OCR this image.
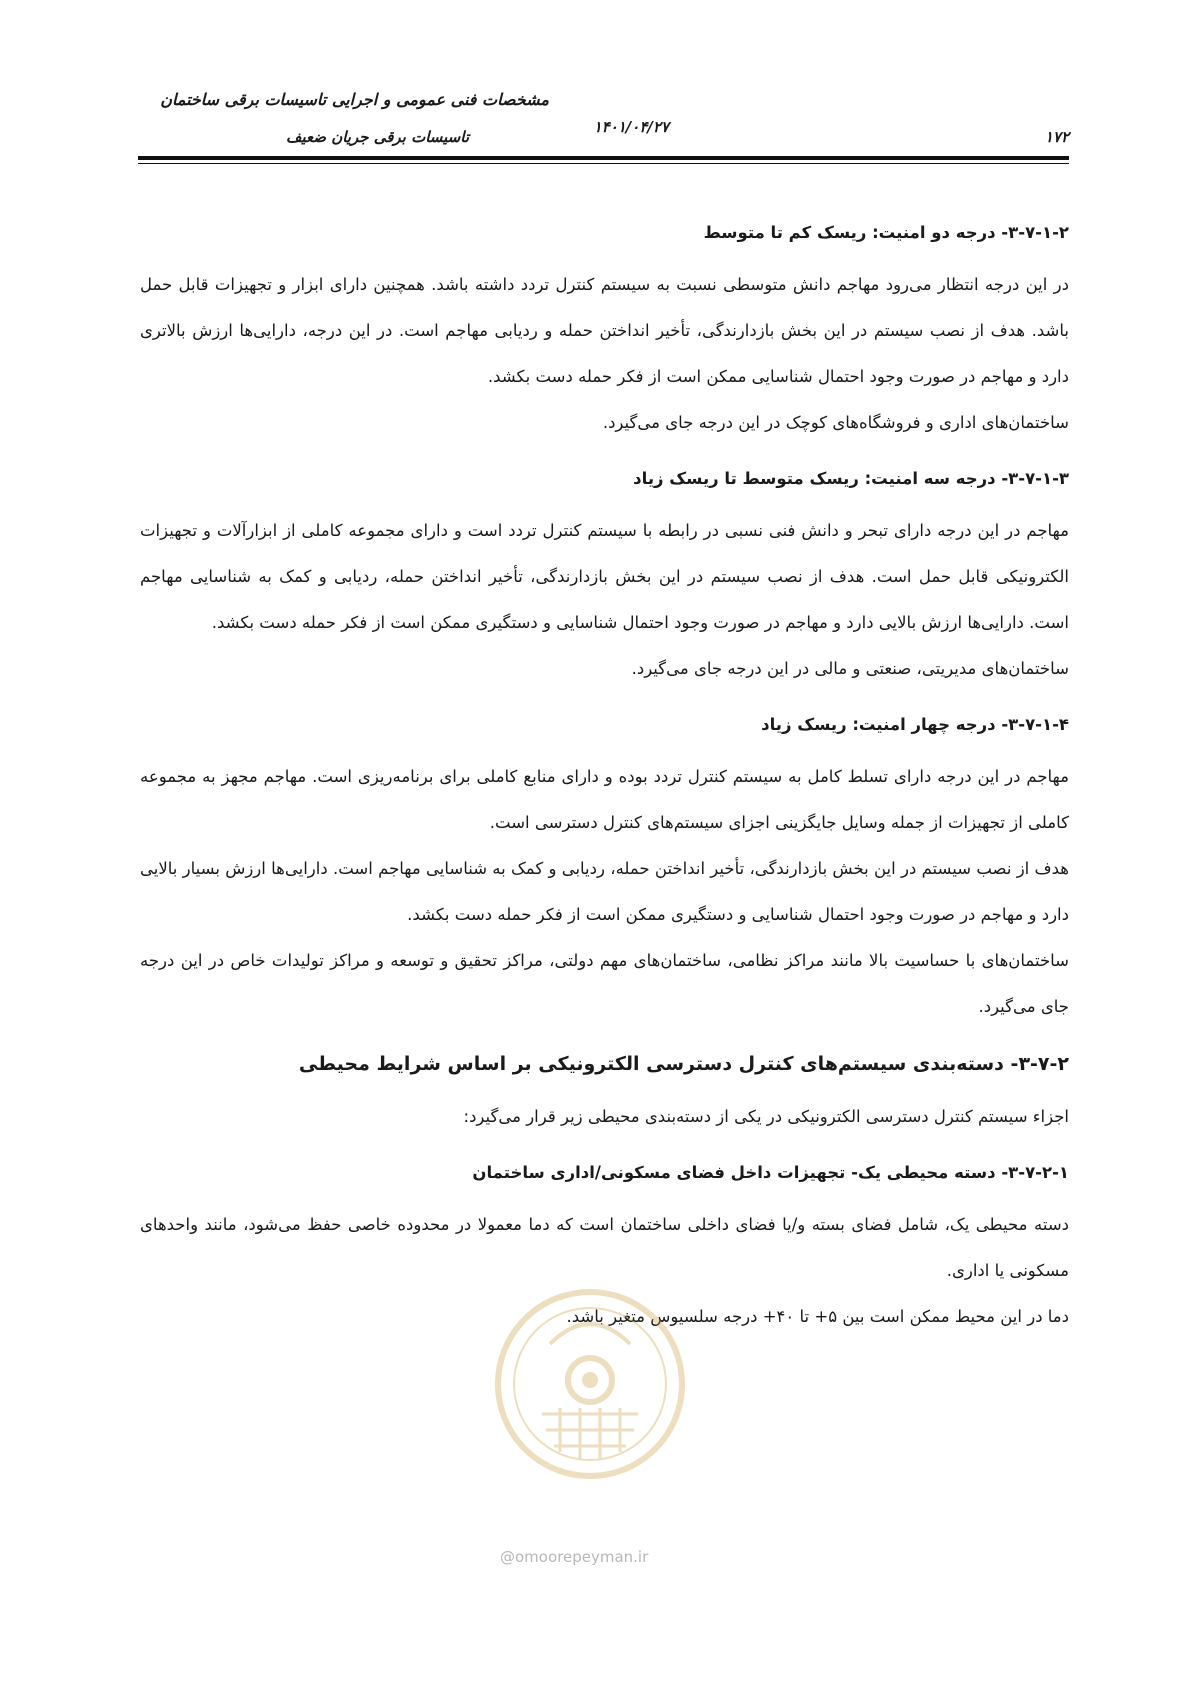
مشخصات فنی عمومی و اجرایی تاسیسات برقی ساختمان
تاسیسات برقی جریان ضعیف
۱۴۰۱/۰۴/۲۷
۱۷۲
۳-۷-۱-۲- درجه دو امنیت: ریسک کم تا متوسط

در این درجه انتظار می‌رود مهاجم دانش متوسطی نسبت به سیستم کنترل تردد داشته باشد. همچنین دارای ابزار و تجهیزات قابل حمل باشد. هدف از نصب سیستم در این بخش بازدارندگی، تأخیر انداختن حمله و ردیابی مهاجم است. در این درجه، دارایی‌ها ارزش بالاتری دارد و مهاجم در صورت وجود احتمال شناسایی ممکن است از فکر حمله دست بکشد.

ساختمان‌های اداری و فروشگاه‌های کوچک در این درجه جای می‌گیرد.

۳-۷-۱-۳- درجه سه امنیت: ریسک متوسط تا ریسک زیاد

مهاجم در این درجه دارای تبحر و دانش فنی نسبی در رابطه با سیستم کنترل تردد است و دارای مجموعه کاملی از ابزارآلات و تجهیزات الکترونیکی قابل حمل است. هدف از نصب سیستم در این بخش بازدارندگی، تأخیر انداختن حمله، ردیابی و کمک به شناسایی مهاجم است. دارایی‌ها ارزش بالایی دارد و مهاجم در صورت وجود احتمال شناسایی و دستگیری ممکن است از فکر حمله دست بکشد.

ساختمان‌های مدیریتی، صنعتی و مالی در این درجه جای می‌گیرد.

۳-۷-۱-۴- درجه چهار امنیت: ریسک زیاد

مهاجم در این درجه دارای تسلط کامل به سیستم کنترل تردد بوده و دارای منابع کاملی برای برنامه‌ریزی است. مهاجم مجهز به مجموعه کاملی از تجهیزات از جمله وسایل جایگزینی اجزای سیستم‌های کنترل دسترسی است.

هدف از نصب سیستم در این بخش بازدارندگی، تأخیر انداختن حمله، ردیابی و کمک به شناسایی مهاجم است. دارایی‌ها ارزش بسیار بالایی دارد و مهاجم در صورت وجود احتمال شناسایی و دستگیری ممکن است از فکر حمله دست بکشد.

ساختمان‌های با حساسیت بالا مانند مراکز نظامی، ساختمان‌های مهم دولتی، مراکز تحقیق و توسعه و مراکز تولیدات خاص در این درجه جای می‌گیرد.

۳-۷-۲- دسته‌بندی سیستم‌های کنترل دسترسی الکترونیکی بر اساس شرایط محیطی

اجزاء سیستم کنترل دسترسی الکترونیکی در یکی از دسته‌بندی محیطی زیر قرار می‌گیرد:

۳-۷-۲-۱- دسته محیطی یک- تجهیزات داخل فضای مسکونی/اداری ساختمان

دسته محیطی یک، شامل فضای بسته و/یا فضای داخلی ساختمان است که دما معمولا در محدوده خاصی حفظ می‌شود، مانند واحدهای مسکونی یا اداری.

دما در این محیط ممکن است بین ۵+ تا ۴۰+ درجه سلسیوس متغیر باشد.

@omoorepeyman.ir
